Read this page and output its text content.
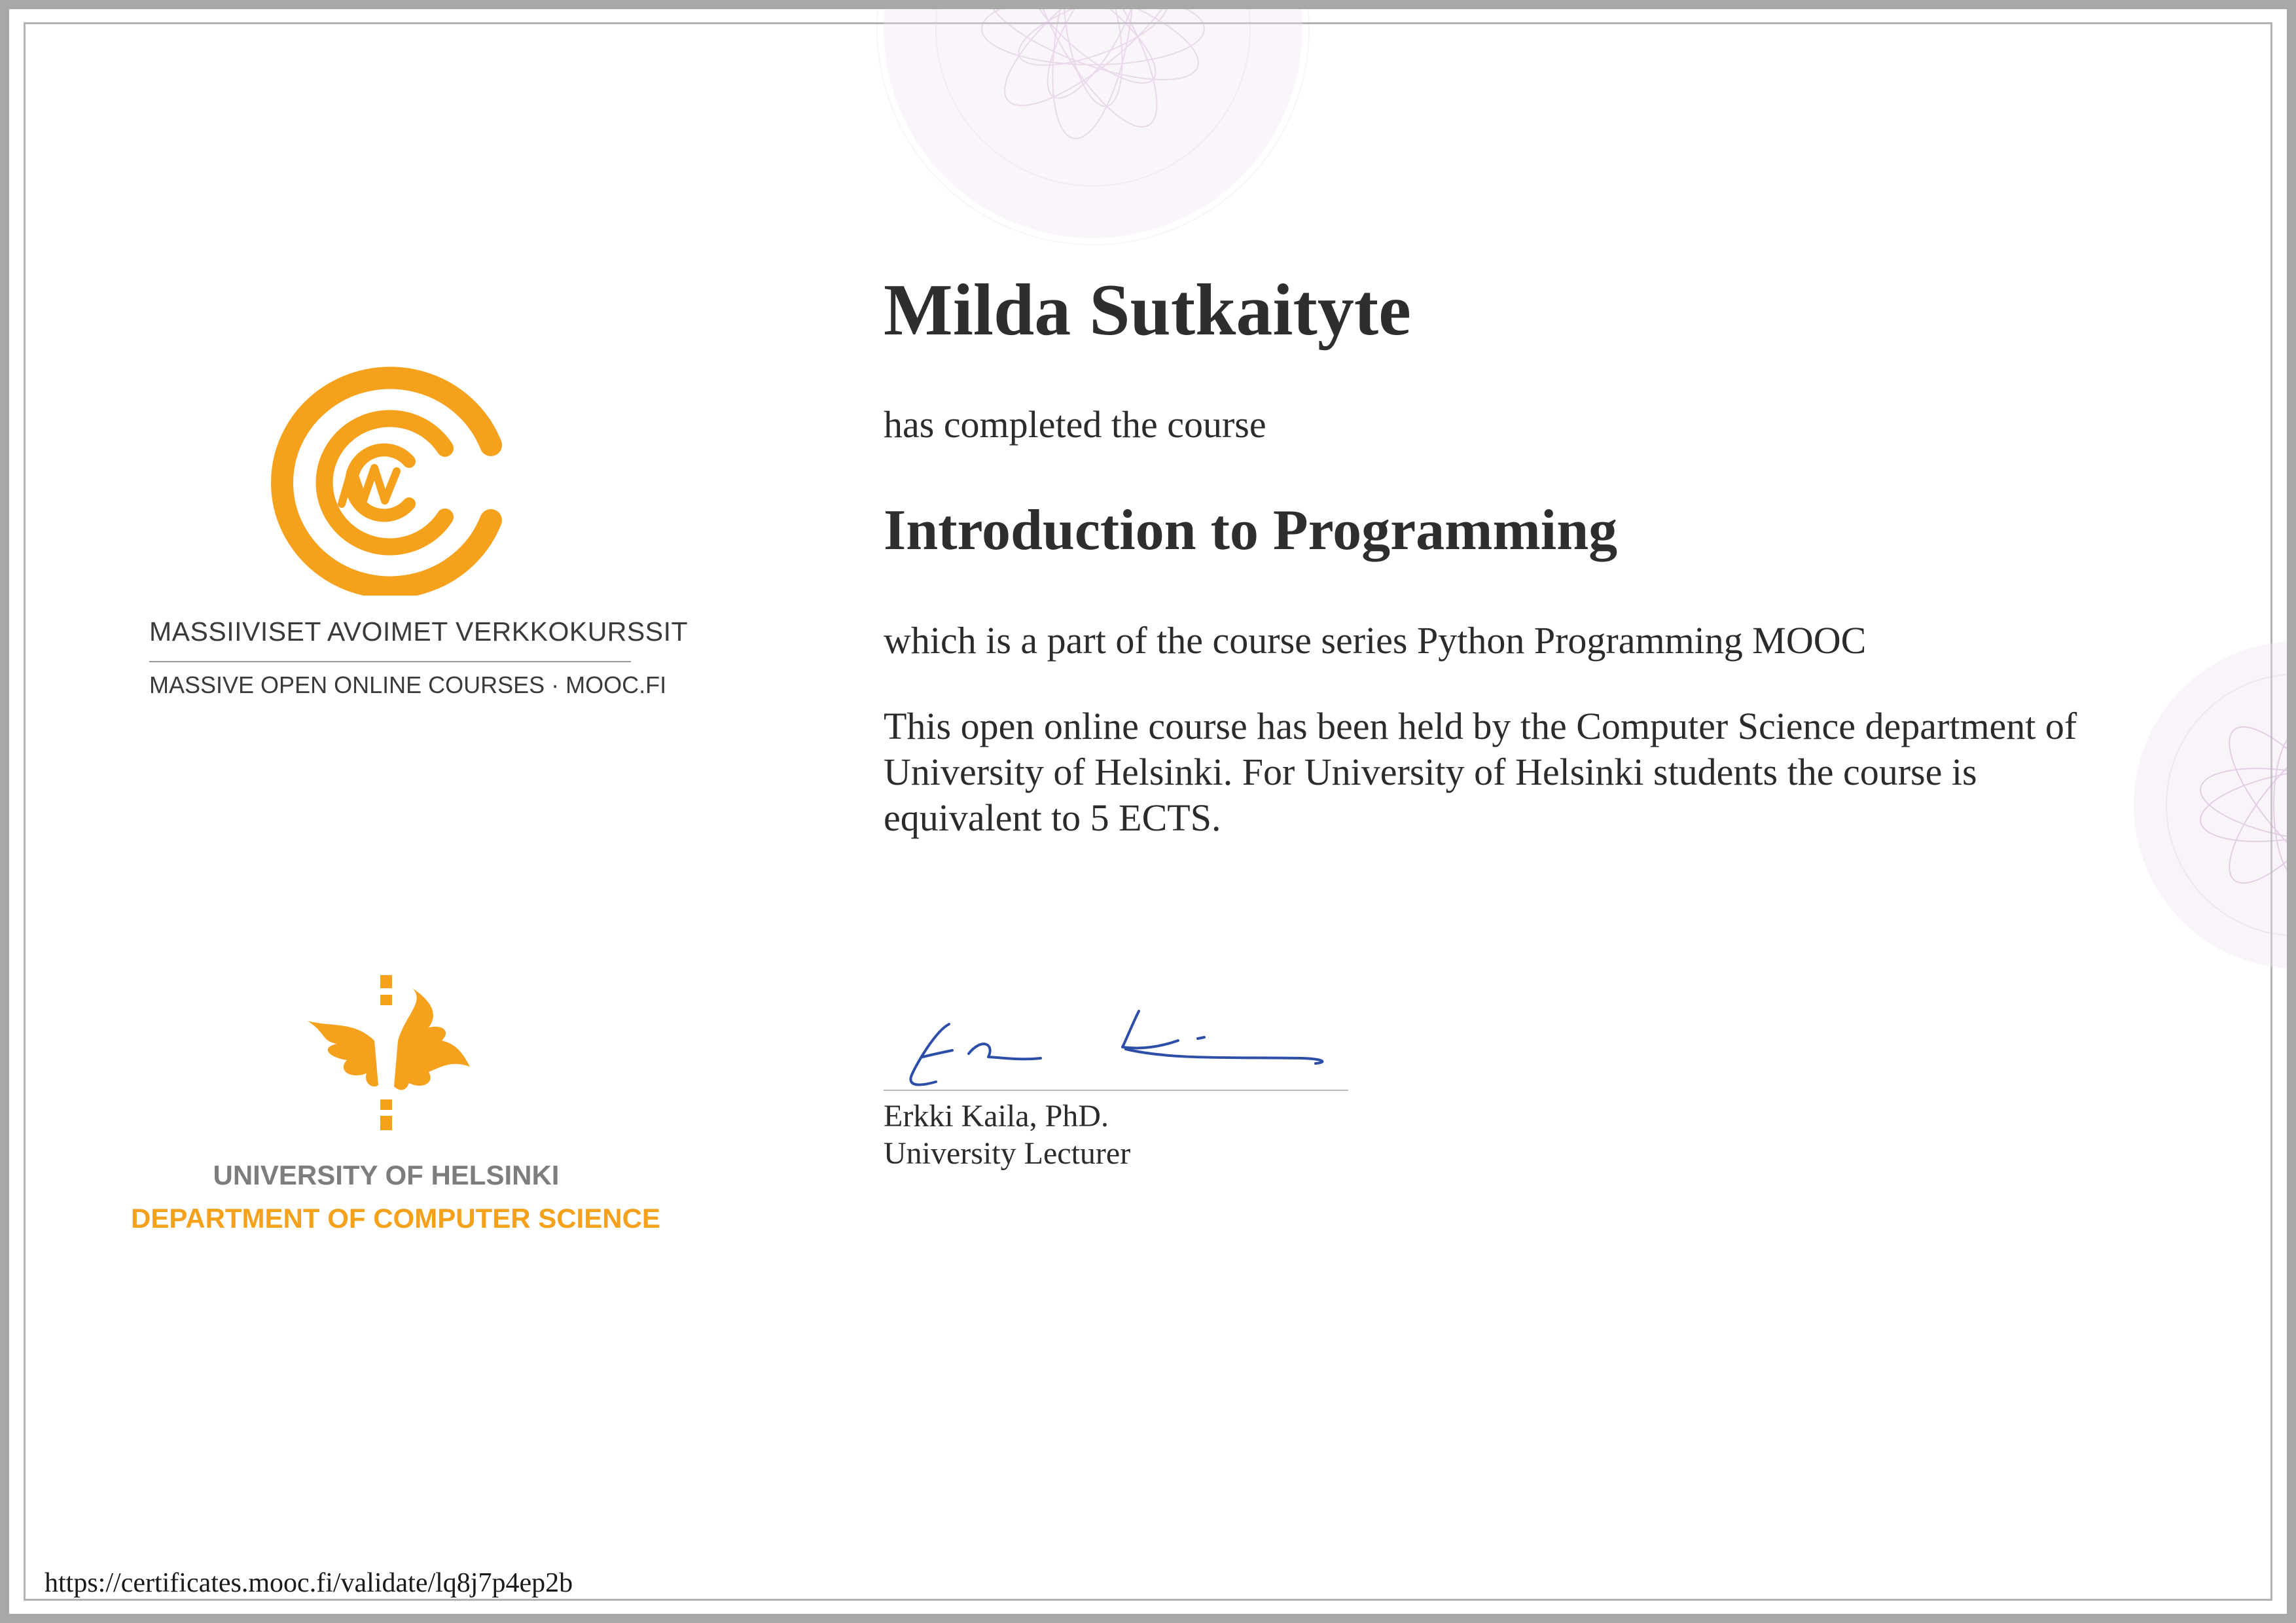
MASSIIVISET AVOIMET VERKKOKURSSIT
MASSIVE OPEN ONLINE COURSES · MOOC.FI
UNIVERSITY OF HELSINKI
DEPARTMENT OF COMPUTER SCIENCE
Milda Sutkaityte
has completed the course
Introduction to Programming
which is a part of the course series Python Programming MOOC
This open online course has been held by the Computer Science department of University of Helsinki. For University of Helsinki students the course is equivalent to 5 ECTS.
Erkki Kaila, PhD.
University Lecturer
https://certificates.mooc.fi/validate/lq8j7p4ep2b
